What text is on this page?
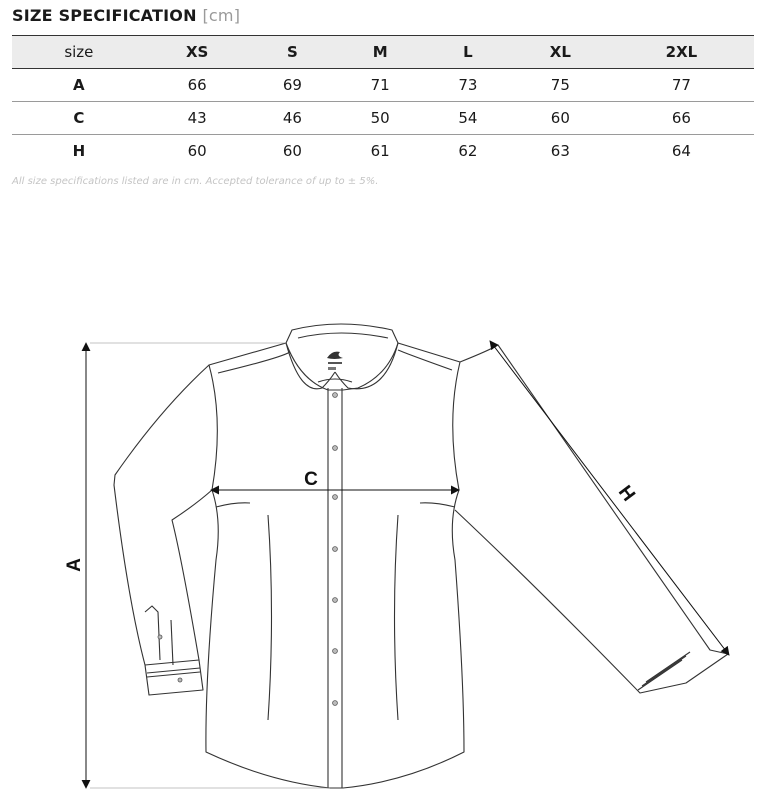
SIZE SPECIFICATION [cm]
size	XS	S	M	L	XL	2XL
A	66	69	71	73	75	77
C	43	46	50	54	60	66
H	60	60	61	62	63	64
All size specifications listed are in cm. Accepted tolerance of up to ± 5%.
A
C
H
